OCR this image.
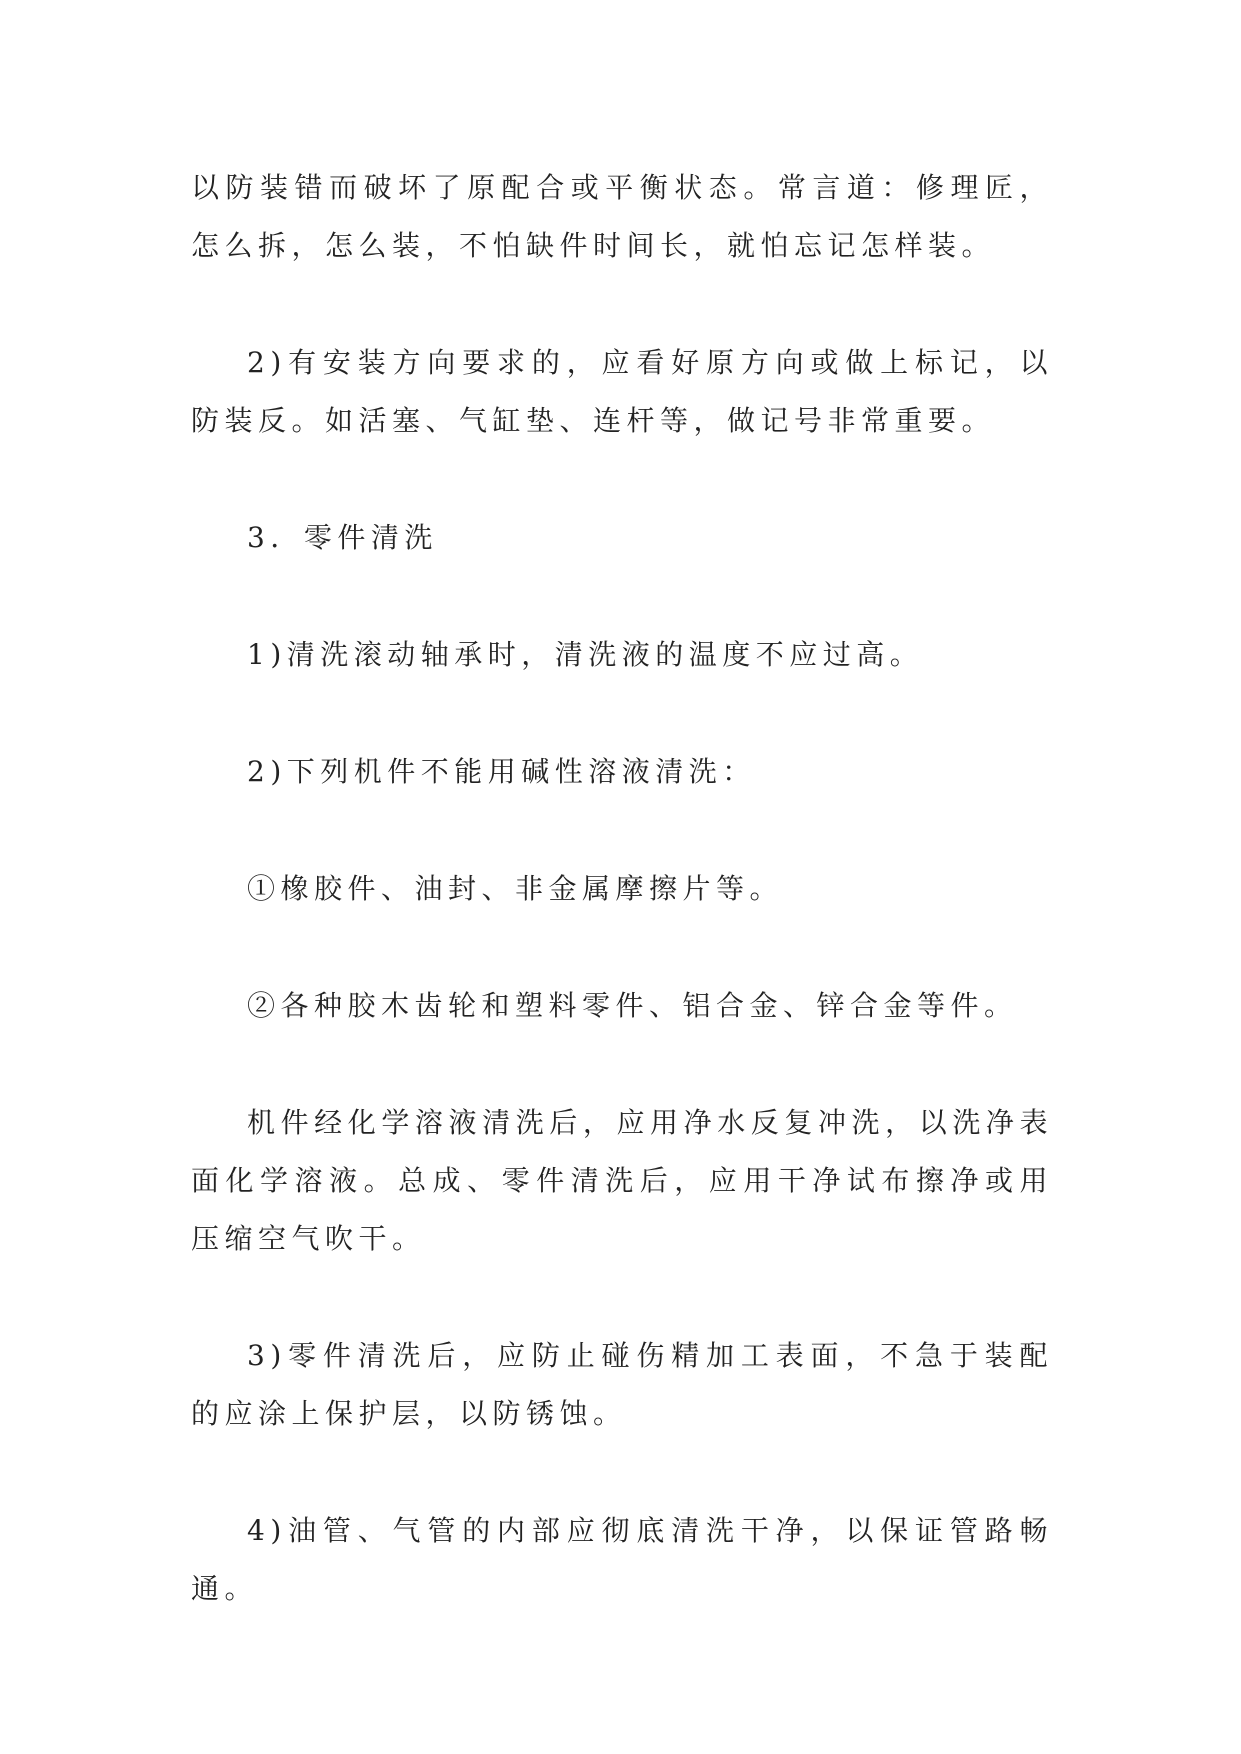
以防装错而破坏了原配合或平衡状态。常言道：修理匠，怎么拆，怎么装，不怕缺件时间长，就怕忘记怎样装。

2)有安装方向要求的，应看好原方向或做上标记，以防装反。如活塞、气缸垫、连杆等，做记号非常重要。

3．零件清洗

1)清洗滚动轴承时，清洗液的温度不应过高。

2)下列机件不能用碱性溶液清洗：

①橡胶件、油封、非金属摩擦片等。

②各种胶木齿轮和塑料零件、铝合金、锌合金等件。

机件经化学溶液清洗后，应用净水反复冲洗，以洗净表面化学溶液。总成、零件清洗后，应用干净试布擦净或用压缩空气吹干。

3)零件清洗后，应防止碰伤精加工表面，不急于装配的应涂上保护层，以防锈蚀。

4)油管、气管的内部应彻底清洗干净，以保证管路畅通。
